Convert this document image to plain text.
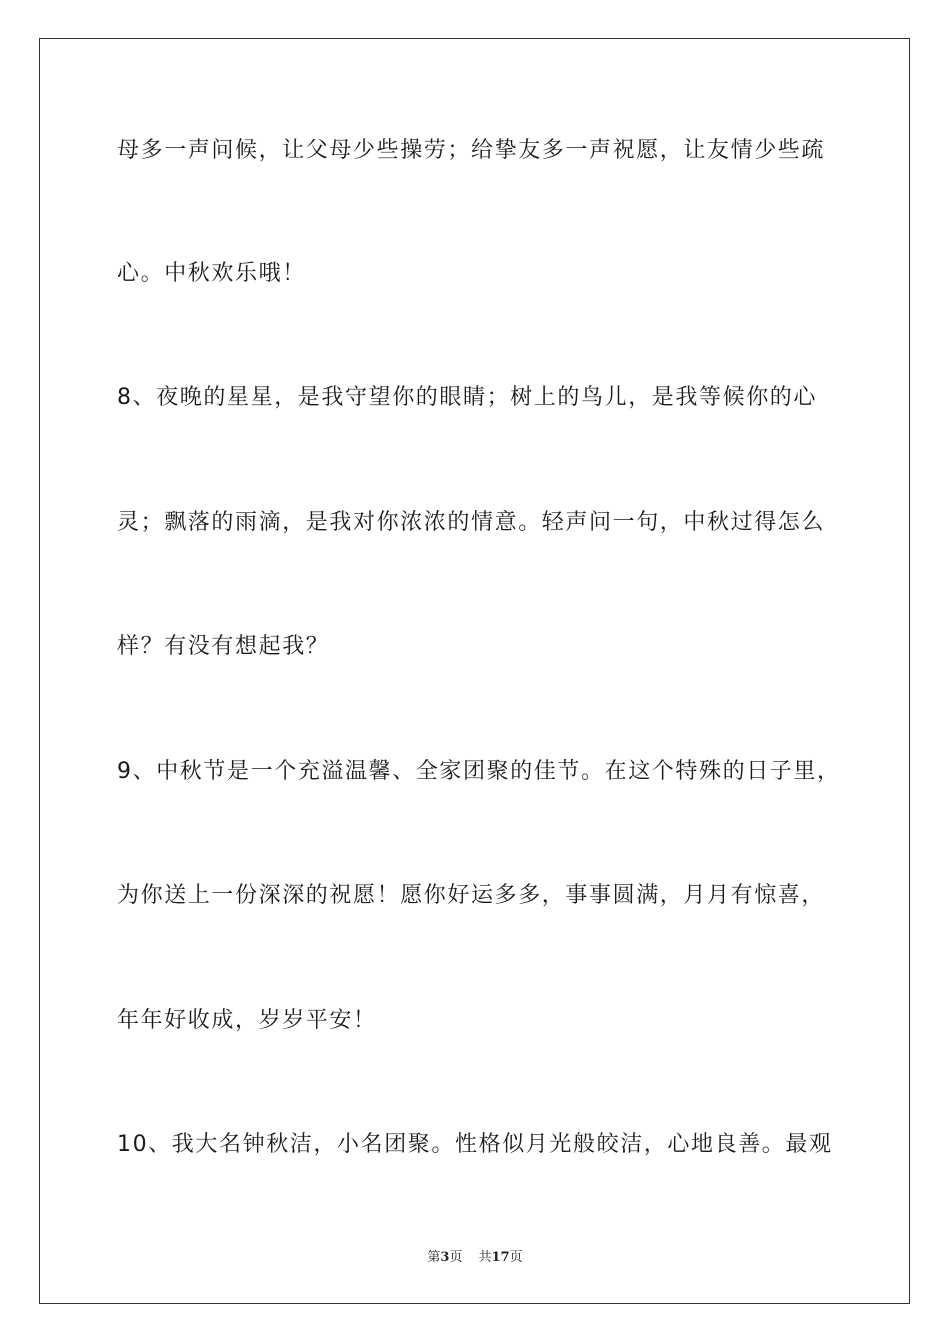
母多一声问候，让父母少些操劳；给挚友多一声祝愿，让友情少些疏
心。中秋欢乐哦！
8、夜晚的星星，是我守望你的眼睛；树上的鸟儿，是我等候你的心
灵；飘落的雨滴，是我对你浓浓的情意。轻声问一句，中秋过得怎么
样？有没有想起我？
9、中秋节是一个充溢温馨、全家团聚的佳节。在这个特殊的日子里，
为你送上一份深深的祝愿！愿你好运多多，事事圆满，月月有惊喜，
年年好收成，岁岁平安！
10、我大名钟秋洁，小名团聚。性格似月光般皎洁，心地良善。最观
第3页 共17页
